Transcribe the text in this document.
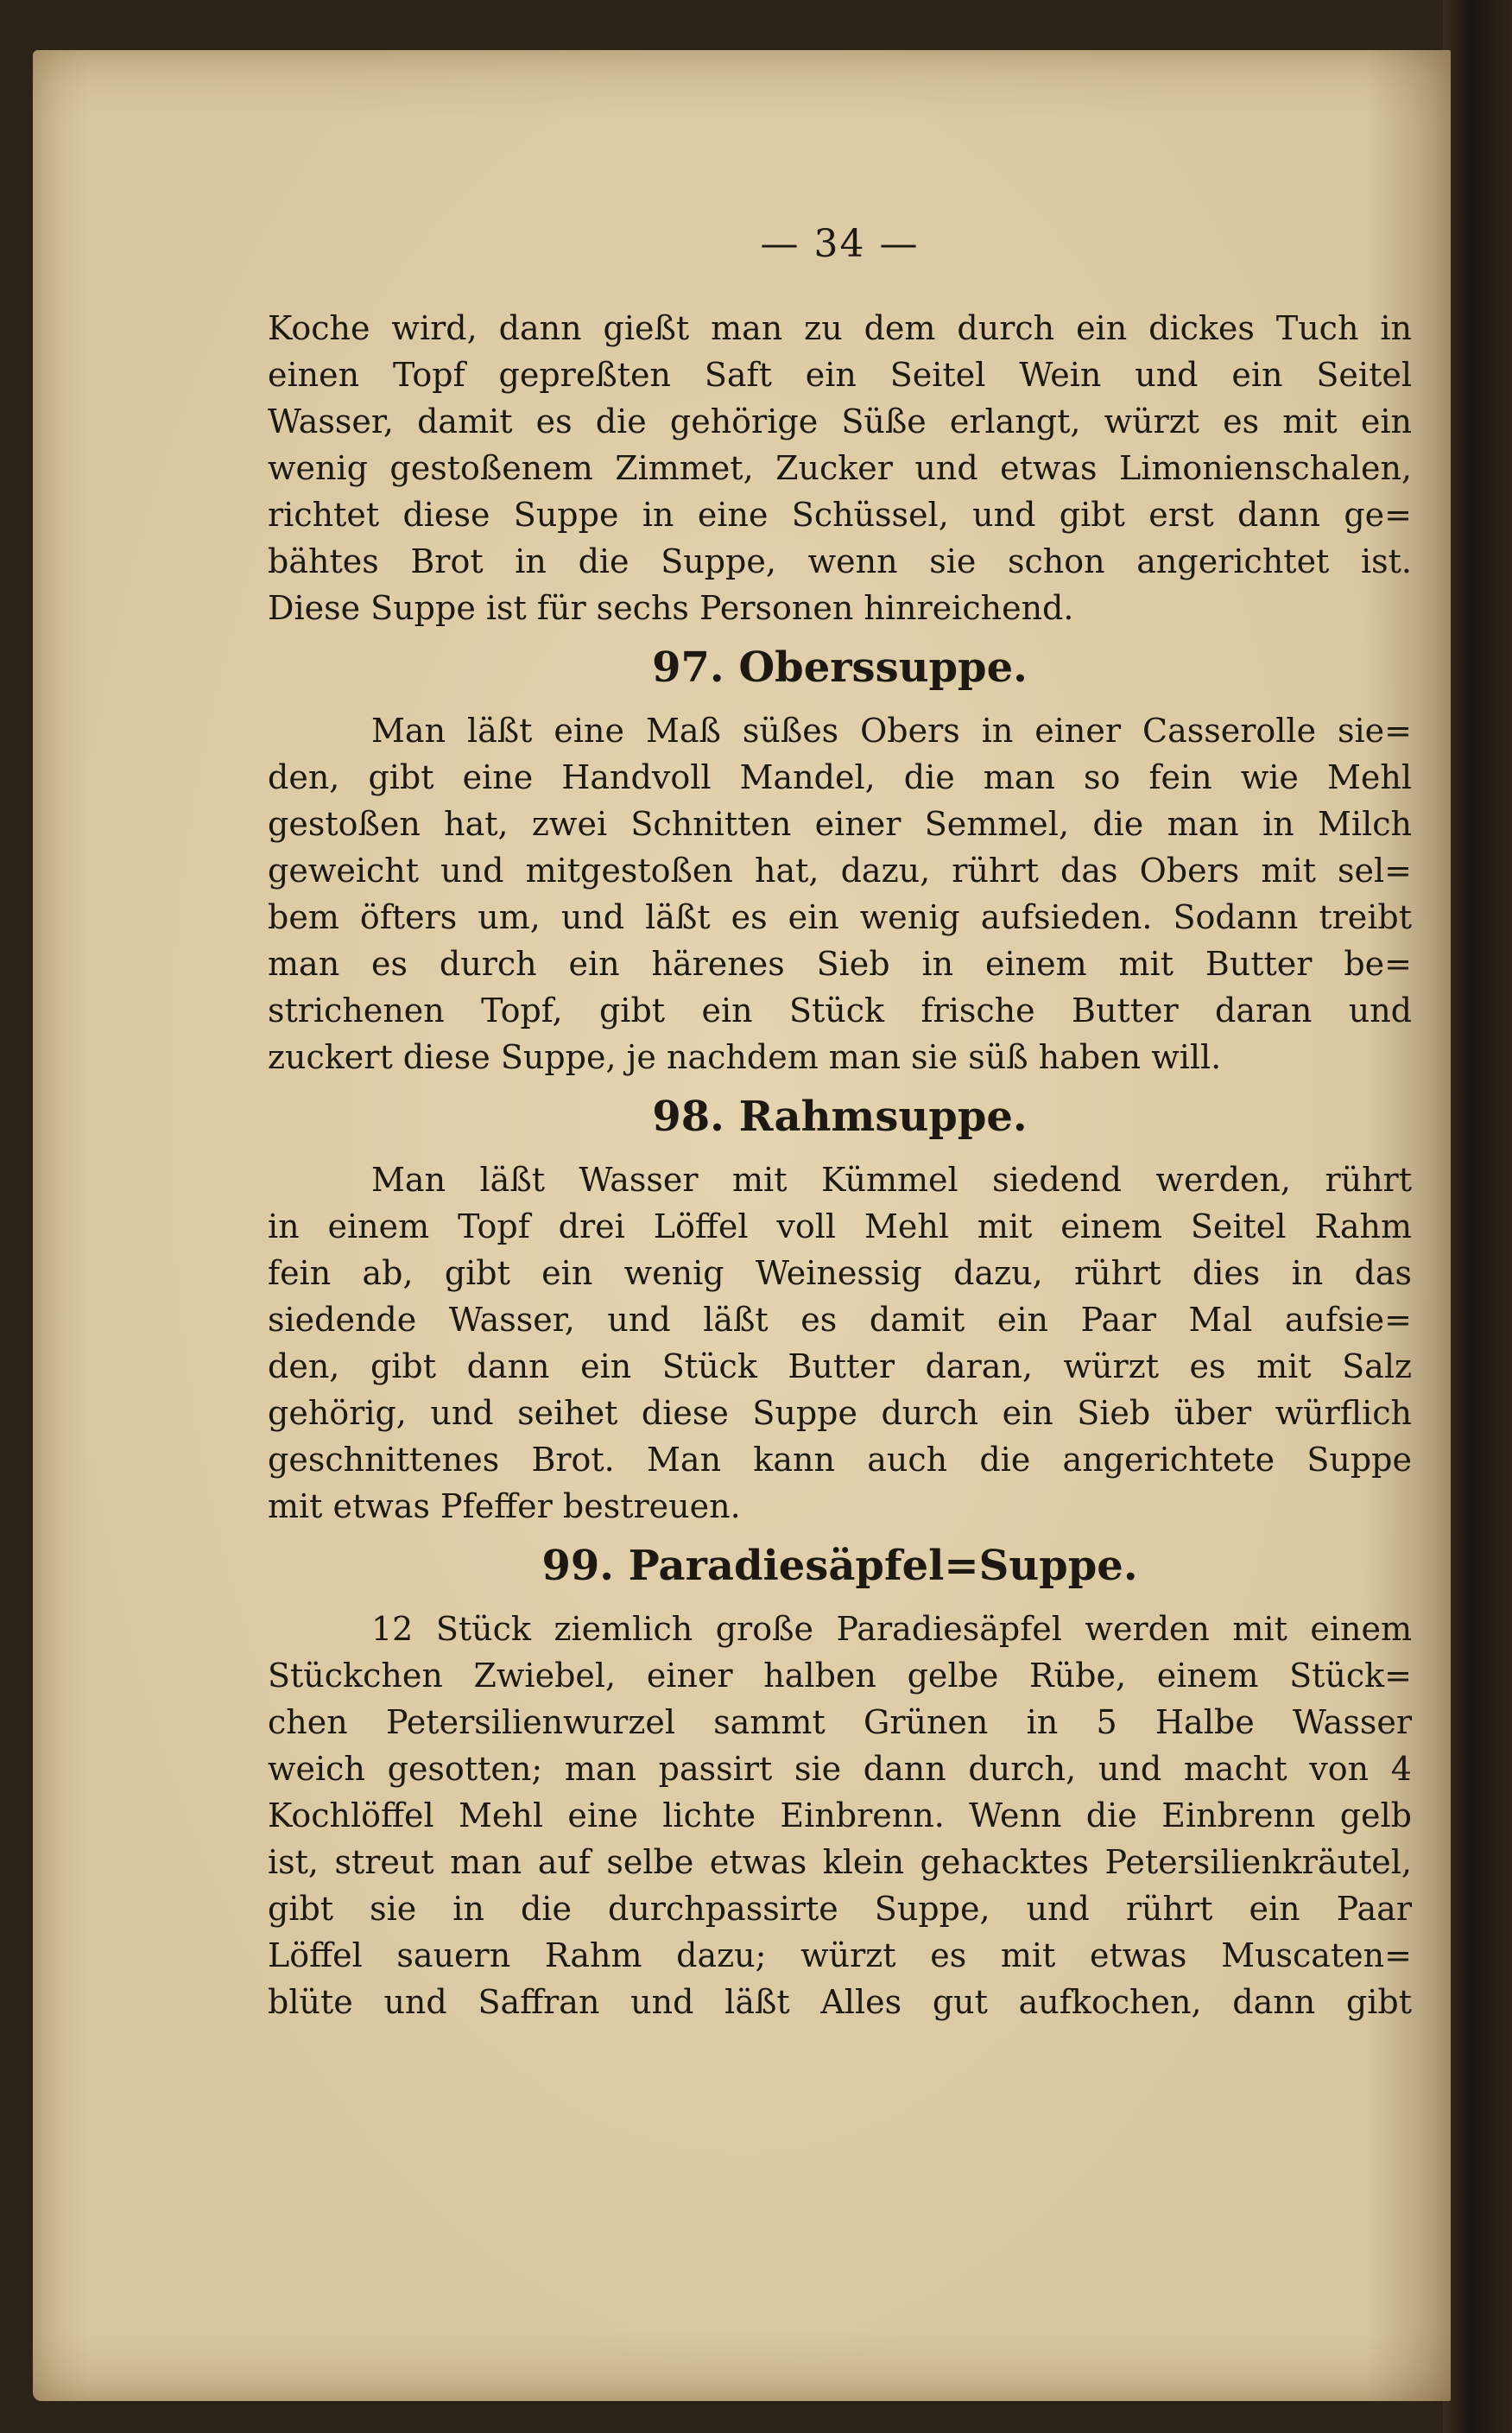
— 34 —
Koche wird, dann gießt man zu dem durch ein dickes Tuch in
einen Topf gepreßten Saft ein Seitel Wein und ein Seitel
Wasser, damit es die gehörige Süße erlangt, würzt es mit ein
wenig gestoßenem Zimmet, Zucker und etwas Limonienschalen,
richtet diese Suppe in eine Schüssel, und gibt erst dann ge=
bähtes Brot in die Suppe, wenn sie schon angerichtet ist.
Diese Suppe ist für sechs Personen hinreichend.
97. Oberssuppe.
Man läßt eine Maß süßes Obers in einer Casserolle sie=
den, gibt eine Handvoll Mandel, die man so fein wie Mehl
gestoßen hat, zwei Schnitten einer Semmel, die man in Milch
geweicht und mitgestoßen hat, dazu, rührt das Obers mit sel=
bem öfters um, und läßt es ein wenig aufsieden. Sodann treibt
man es durch ein härenes Sieb in einem mit Butter be=
strichenen Topf, gibt ein Stück frische Butter daran und
zuckert diese Suppe, je nachdem man sie süß haben will.
98. Rahmsuppe.
Man läßt Wasser mit Kümmel siedend werden, rührt
in einem Topf drei Löffel voll Mehl mit einem Seitel Rahm
fein ab, gibt ein wenig Weinessig dazu, rührt dies in das
siedende Wasser, und läßt es damit ein Paar Mal aufsie=
den, gibt dann ein Stück Butter daran, würzt es mit Salz
gehörig, und seihet diese Suppe durch ein Sieb über würflich
geschnittenes Brot. Man kann auch die angerichtete Suppe
mit etwas Pfeffer bestreuen.
99. Paradiesäpfel=Suppe.
12 Stück ziemlich große Paradiesäpfel werden mit einem
Stückchen Zwiebel, einer halben gelbe Rübe, einem Stück=
chen Petersilienwurzel sammt Grünen in 5 Halbe Wasser
weich gesotten; man passirt sie dann durch, und macht von 4
Kochlöffel Mehl eine lichte Einbrenn. Wenn die Einbrenn gelb
ist, streut man auf selbe etwas klein gehacktes Petersilienkräutel,
gibt sie in die durchpassirte Suppe, und rührt ein Paar
Löffel sauern Rahm dazu; würzt es mit etwas Muscaten=
blüte und Saffran und läßt Alles gut aufkochen, dann gibt
